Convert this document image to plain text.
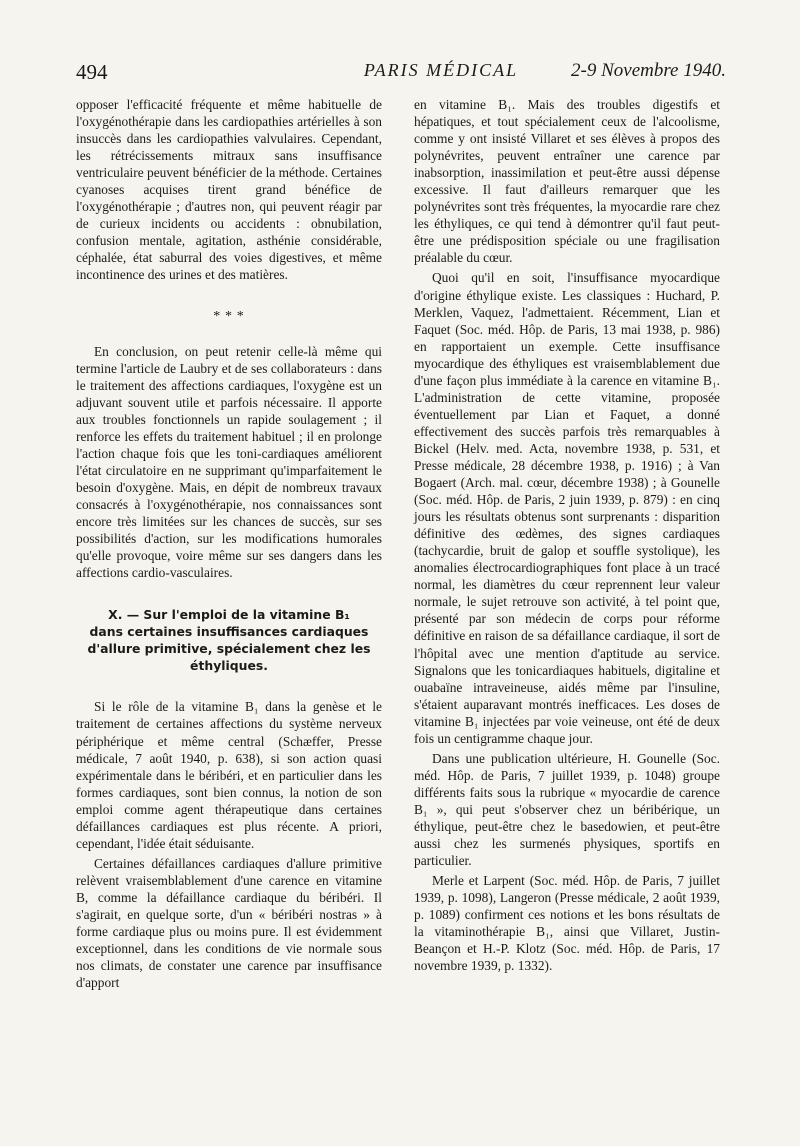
494	PARIS MÉDICAL	2-9 Novembre 1940.

opposer l'efficacité fréquente et même habituelle de l'oxygénothérapie dans les cardiopathies artérielles à son insuccès dans les cardiopathies valvulaires. Cependant, les rétrécissements mitraux sans insuffisance ventriculaire peuvent bénéficier de la méthode. Certaines cyanoses acquises tirent grand bénéfice de l'oxygénothérapie ; d'autres non, qui peuvent réagir par de curieux incidents ou accidents : obnubilation, confusion mentale, agitation, asthénie considérable, céphalée, état saburral des voies digestives, et même incontinence des urines et des matières.

* * *

En conclusion, on peut retenir celle-là même qui termine l'article de Laubry et de ses collaborateurs : dans le traitement des affections cardiaques, l'oxygène est un adjuvant souvent utile et parfois nécessaire. Il apporte aux troubles fonctionnels un rapide soulagement ; il renforce les effets du traitement habituel ; il en prolonge l'action chaque fois que les toni-cardiaques améliorent l'état circulatoire en ne supprimant qu'imparfaitement le besoin d'oxygène. Mais, en dépit de nombreux travaux consacrés à l'oxygénothérapie, nos connaissances sont encore très limitées sur les chances de succès, sur ses possibilités d'action, sur les modifications humorales qu'elle provoque, voire même sur ses dangers dans les affections cardio-vasculaires.

X. — Sur l'emploi de la vitamine B₁
dans certaines insuffisances cardiaques
d'allure primitive, spécialement chez les
éthyliques.

Si le rôle de la vitamine B₁ dans la genèse et le traitement de certaines affections du système nerveux périphérique et même central (Schæffer, Presse médicale, 7 août 1940, p. 638), si son action quasi expérimentale dans le béribéri, et en particulier dans les formes cardiaques, sont bien connus, la notion de son emploi comme agent thérapeutique dans certaines défaillances cardiaques est plus récente. A priori, cependant, l'idée était séduisante.

Certaines défaillances cardiaques d'allure primitive relèvent vraisemblablement d'une carence en vitamine B, comme la défaillance cardiaque du béribéri. Il s'agirait, en quelque sorte, d'un « béribéri nostras » à forme cardiaque plus ou moins pure. Il est évidemment exceptionnel, dans les conditions de vie normale sous nos climats, de constater une carence par insuffisance d'apport

en vitamine B₁. Mais des troubles digestifs et hépatiques, et tout spécialement ceux de l'alcoolisme, comme y ont insisté Villaret et ses élèves à propos des polynévrites, peuvent entraîner une carence par inabsorption, inassimilation et peut-être aussi dépense excessive. Il faut d'ailleurs remarquer que les polynévrites sont très fréquentes, la myocardie rare chez les éthyliques, ce qui tend à démontrer qu'il faut peut-être une prédisposition spéciale ou une fragilisation préalable du cœur.

Quoi qu'il en soit, l'insuffisance myocardique d'origine éthylique existe. Les classiques : Huchard, P. Merklen, Vaquez, l'admettaient. Récemment, Lian et Faquet (Soc. méd. Hôp. de Paris, 13 mai 1938, p. 986) en rapportaient un exemple. Cette insuffisance myocardique des éthyliques est vraisemblablement due d'une façon plus immédiate à la carence en vitamine B₁. L'administration de cette vitamine, proposée éventuellement par Lian et Faquet, a donné effectivement des succès parfois très remarquables à Bickel (Helv. med. Acta, novembre 1938, p. 531, et Presse médicale, 28 décembre 1938, p. 1916) ; à Van Bogaert (Arch. mal. cœur, décembre 1938) ; à Gounelle (Soc. méd. Hôp. de Paris, 2 juin 1939, p. 879) : en cinq jours les résultats obtenus sont surprenants : disparition définitive des œdèmes, des signes cardiaques (tachycardie, bruit de galop et souffle systolique), les anomalies électrocardiographiques font place à un tracé normal, les diamètres du cœur reprennent leur valeur normale, le sujet retrouve son activité, à tel point que, présenté par son médecin de corps pour réforme définitive en raison de sa défaillance cardiaque, il sort de l'hôpital avec une mention d'aptitude au service. Signalons que les tonicardiaques habituels, digitaline et ouabaïne intraveineuse, aidés même par l'insuline, s'étaient auparavant montrés inefficaces. Les doses de vitamine B₁ injectées par voie veineuse, ont été de deux fois un centigramme chaque jour.

Dans une publication ultérieure, H. Gounelle (Soc. méd. Hôp. de Paris, 7 juillet 1939, p. 1048) groupe différents faits sous la rubrique « myocardie de carence B₁ », qui peut s'observer chez un béribérique, un éthylique, peut-être chez le basedowien, et peut-être aussi chez les surmenés physiques, sportifs en particulier.

Merle et Larpent (Soc. méd. Hôp. de Paris, 7 juillet 1939, p. 1098), Langeron (Presse médicale, 2 août 1939, p. 1089) confirment ces notions et les bons résultats de la vitaminothérapie B₁, ainsi que Villaret, Justin-Beançon et H.-P. Klotz (Soc. méd. Hôp. de Paris, 17 novembre 1939, p. 1332).
